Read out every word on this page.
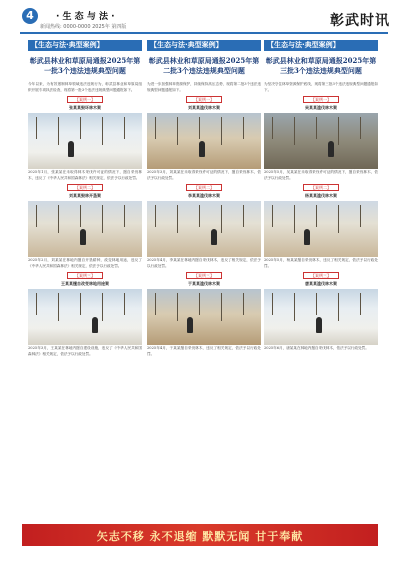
4	· 生 态 与 法 ·
新闻热线: 0000-0000 2025年 第四版	彰武时讯
【生态与法·典型案例】
彰武县林业和草原局通报2025年第一批3个违法违规典型问题

今年以来，为有效遏制林草领域违法违规行为，彰武县林业和草原局组织开展专项执法检查，现将第一批3个违法违规典型问题通报如下。

【案例一】
张某某毁坏林木案

2025年1月，张某某在未取得林木采伐许可证的情况下，擅自采伐林木，违反了《中华人民共和国森林法》相关规定，依法予以行政处罚。

【案例二】
刘某某毁林开垦案

2025年2月，刘某某在林地内擅自开垦耕种，改变林地用途，违反了《中华人民共和国森林法》相关规定，依法予以行政处罚。

【案例三】
王某某擅自改变林地用途案

2025年3月，王某某在林地内擅自建设设施，违反了《中华人民共和国森林法》相关规定，依法予以行政处罚。

【生态与法·典型案例】
彰武县林业和草原局通报2025年第二批3个违法违规典型问题

为进一步加强林草资源保护，持续保持高压态势，现将第二批3个违法违规典型问题通报如下。

【案例一】
刘某某滥伐林木案

2025年3月，刘某某在未取得采伐许可证的情况下，擅自采伐林木，依法予以行政处罚。

【案例二】
李某某滥伐林木案

2025年4月，李某某在林地内擅自采伐林木，违反了相关规定，依法予以行政处罚。

【案例三】
于某某滥伐林木案

2025年4月，于某某擅自采伐林木，违反了相关规定，依法予以行政处罚。

【生态与法·典型案例】
彰武县林业和草原局通报2025年第三批3个违法违规典型问题

为坚决守住林草资源保护底线，现将第三批3个违法违规典型问题通报如下。

【案例一】
吴某某滥伐林木案

2025年5月，吴某某在未取得采伐许可证的情况下，擅自采伐林木，依法予以行政处罚。

【案例二】
杨某某滥伐林木案

2025年5月，杨某某擅自采伐林木，违反了相关规定，依法予以行政处罚。

【案例三】
唐某某滥伐林木案

2025年6月，唐某某在林地内擅自采伐林木，依法予以行政处罚。

矢志不移 永不退缩 默默无闻 甘于奉献
